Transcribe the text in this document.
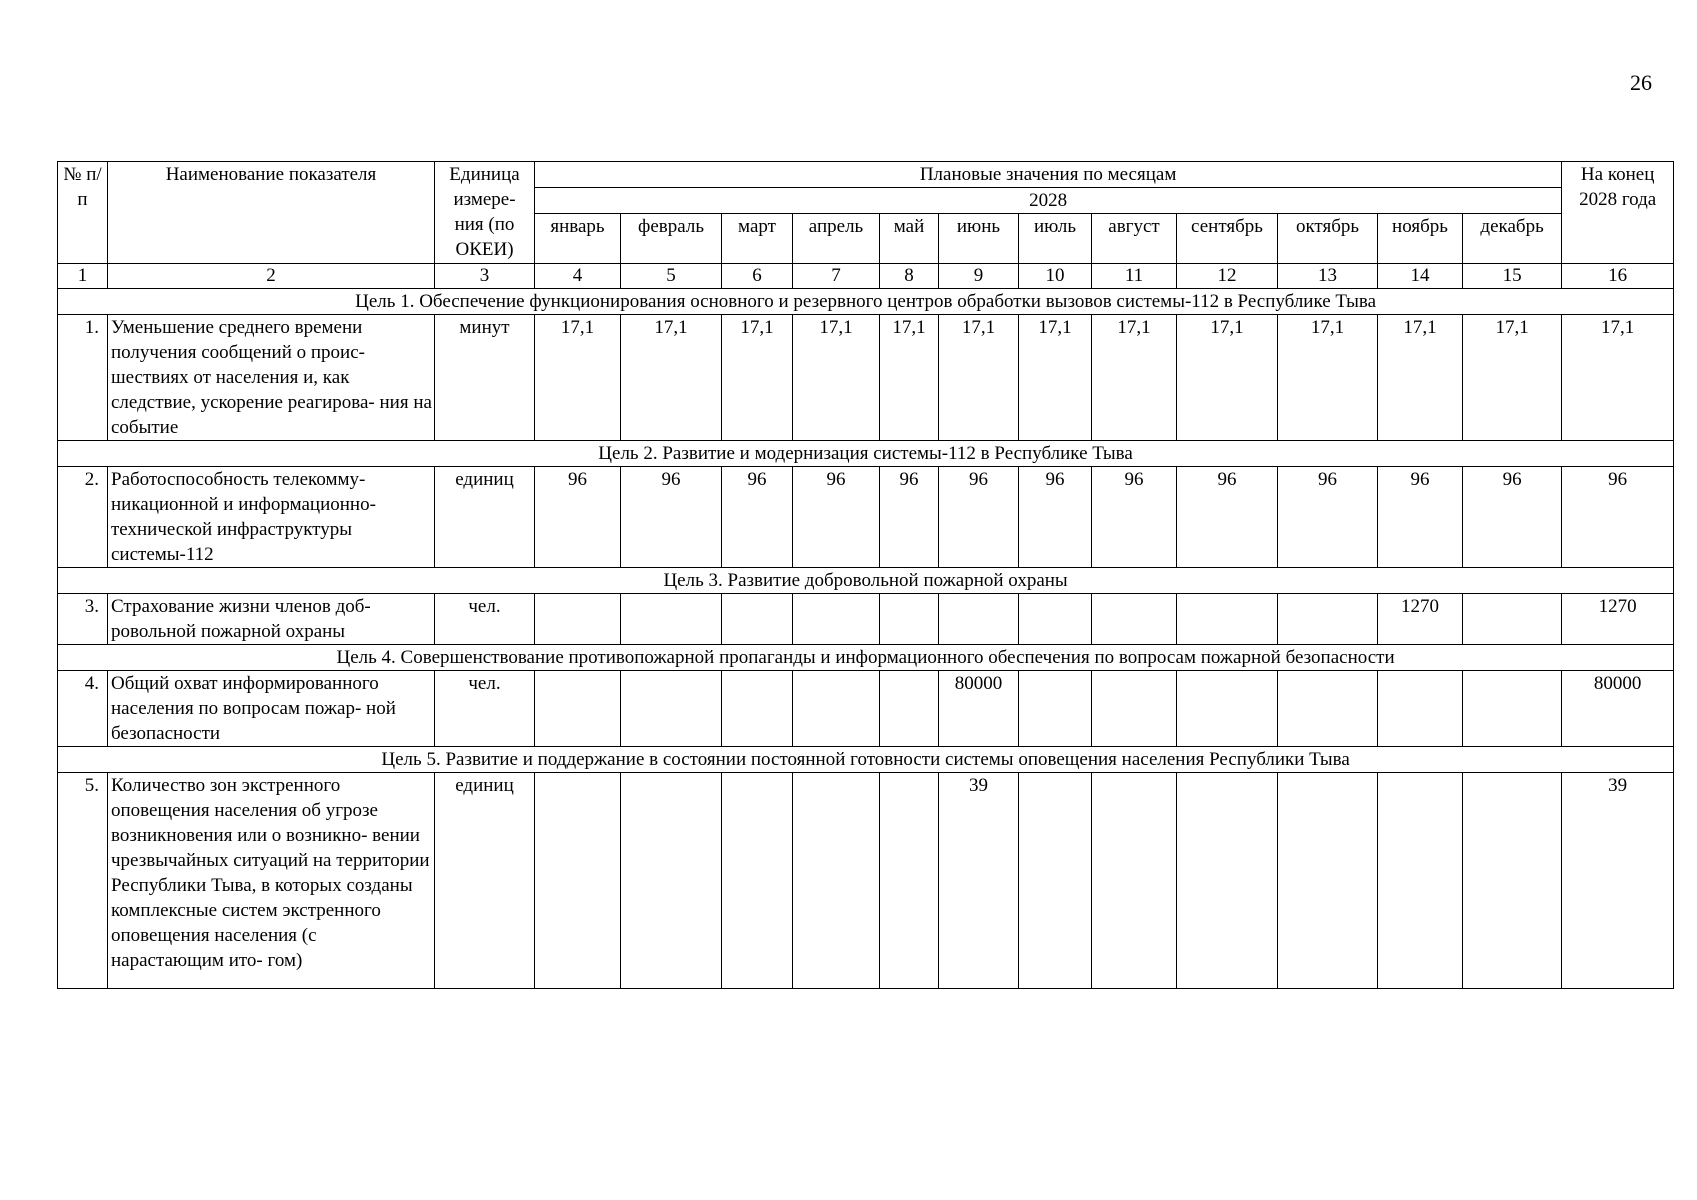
26
№ п/п	Наименование показателя	Единица измере- ния (по ОКЕИ)	Плановые значения по месяцам												На конец 2028 года
			2028												
			январь	февраль	март	апрель	май	июнь	июль	август	сентябрь	октябрь	ноябрь	декабрь	
1	2	3	4	5	6	7	8	9	10	11	12	13	14	15	16
Цель 1. Обеспечение функционирования основного и резервного центров обработки вызовов системы-112 в Республике Тыва															
1.	Уменьшение среднего времени получения сообщений о проис- шествиях от населения и, как следствие, ускорение реагирова- ния на событие	минут	17,1	17,1	17,1	17,1	17,1	17,1	17,1	17,1	17,1	17,1	17,1	17,1	17,1
Цель 2. Развитие и модернизация системы-112 в Республике Тыва															
2.	Работоспособность телекомму- никационной и информационно- технической инфраструктуры системы-112	единиц	96	96	96	96	96	96	96	96	96	96	96	96	96
Цель 3. Развитие добровольной пожарной охраны															
3.	Страхование жизни членов доб- ровольной пожарной охраны	чел.											1270		1270
Цель 4. Совершенствование противопожарной пропаганды и информационного обеспечения по вопросам пожарной безопасности															
4.	Общий охват информированного населения по вопросам пожар- ной безопасности	чел.						80000							80000
Цель 5. Развитие и поддержание в состоянии постоянной готовности системы оповещения населения Республики Тыва															
5.	Количество зон экстренного оповещения населения об угрозе возникновения или о возникно- вении чрезвычайных ситуаций на территории Республики Тыва, в которых созданы комплексные систем экстренного оповещения населения (с нарастающим ито- гом)	единиц						39							39
